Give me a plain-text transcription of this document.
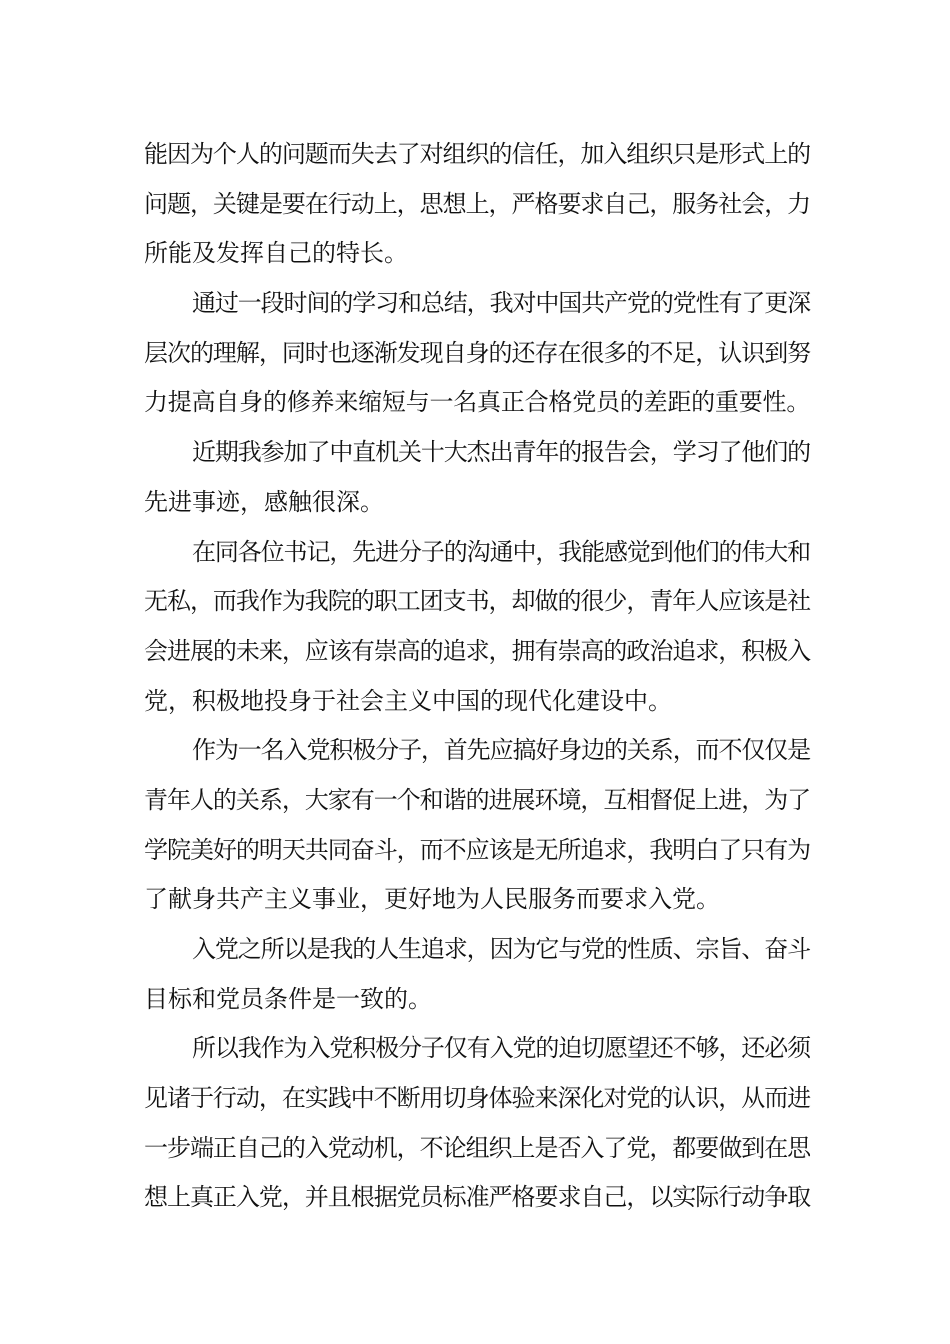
能因为个人的问题而失去了对组织的信任，加入组织只是形式上的
问题，关键是要在行动上，思想上，严格要求自己，服务社会，力
所能及发挥自己的特长。
通过一段时间的学习和总结，我对中国共产党的党性有了更深
层次的理解，同时也逐渐发现自身的还存在很多的不足，认识到努
力提高自身的修养来缩短与一名真正合格党员的差距的重要性。
近期我参加了中直机关十大杰出青年的报告会，学习了他们的
先进事迹，感触很深。
在同各位书记，先进分子的沟通中，我能感觉到他们的伟大和
无私，而我作为我院的职工团支书，却做的很少，青年人应该是社
会进展的未来，应该有崇高的追求，拥有崇高的政治追求，积极入
党，积极地投身于社会主义中国的现代化建设中。
作为一名入党积极分子，首先应搞好身边的关系，而不仅仅是
青年人的关系，大家有一个和谐的进展环境，互相督促上进，为了
学院美好的明天共同奋斗，而不应该是无所追求，我明白了只有为
了献身共产主义事业，更好地为人民服务而要求入党。
入党之所以是我的人生追求，因为它与党的性质、宗旨、奋斗
目标和党员条件是一致的。
所以我作为入党积极分子仅有入党的迫切愿望还不够，还必须
见诸于行动，在实践中不断用切身体验来深化对党的认识，从而进
一步端正自己的入党动机，不论组织上是否入了党，都要做到在思
想上真正入党，并且根据党员标准严格要求自己，以实际行动争取
